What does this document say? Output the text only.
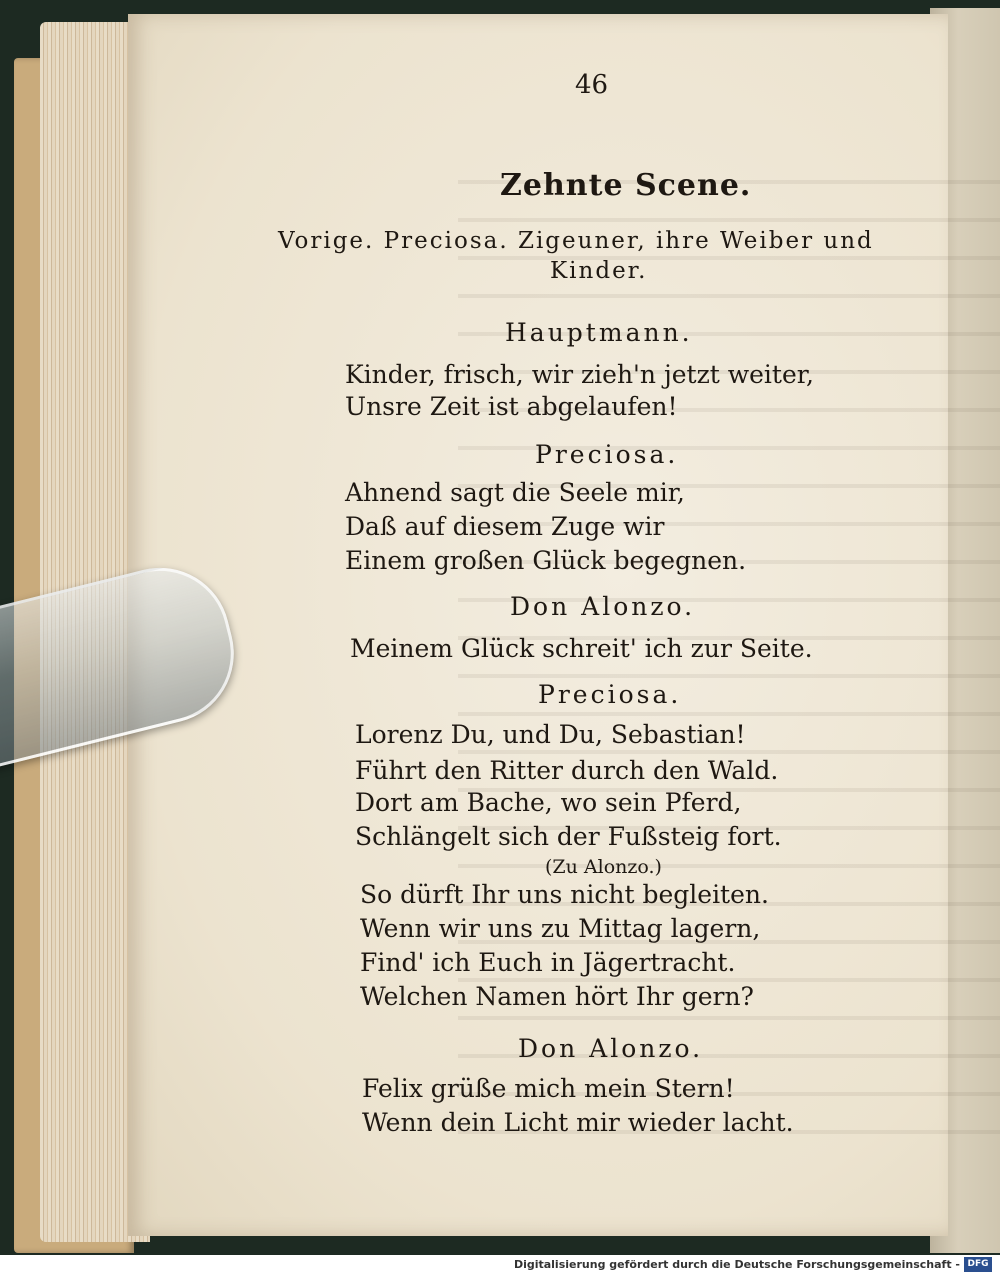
46
Zehnte Scene.
Vorige. Preciosa. Zigeuner, ihre Weiber und
Kinder.
Hauptmann.
Kinder, frisch, wir zieh'n jetzt weiter,
Unsre Zeit ist abgelaufen!
Preciosa.
Ahnend sagt die Seele mir,
Daß auf diesem Zuge wir
Einem großen Glück begegnen.
Don Alonzo.
Meinem Glück schreit' ich zur Seite.
Preciosa.
Lorenz Du, und Du, Sebastian!
Führt den Ritter durch den Wald.
Dort am Bache, wo sein Pferd,
Schlängelt sich der Fußsteig fort.
(Zu Alonzo.)
So dürft Ihr uns nicht begleiten.
Wenn wir uns zu Mittag lagern,
Find' ich Euch in Jägertracht.
Welchen Namen hört Ihr gern?
Don Alonzo.
Felix grüße mich mein Stern!
Wenn dein Licht mir wieder lacht.
Digitalisierung gefördert durch die Deutsche Forschungsgemeinschaft - DFG
